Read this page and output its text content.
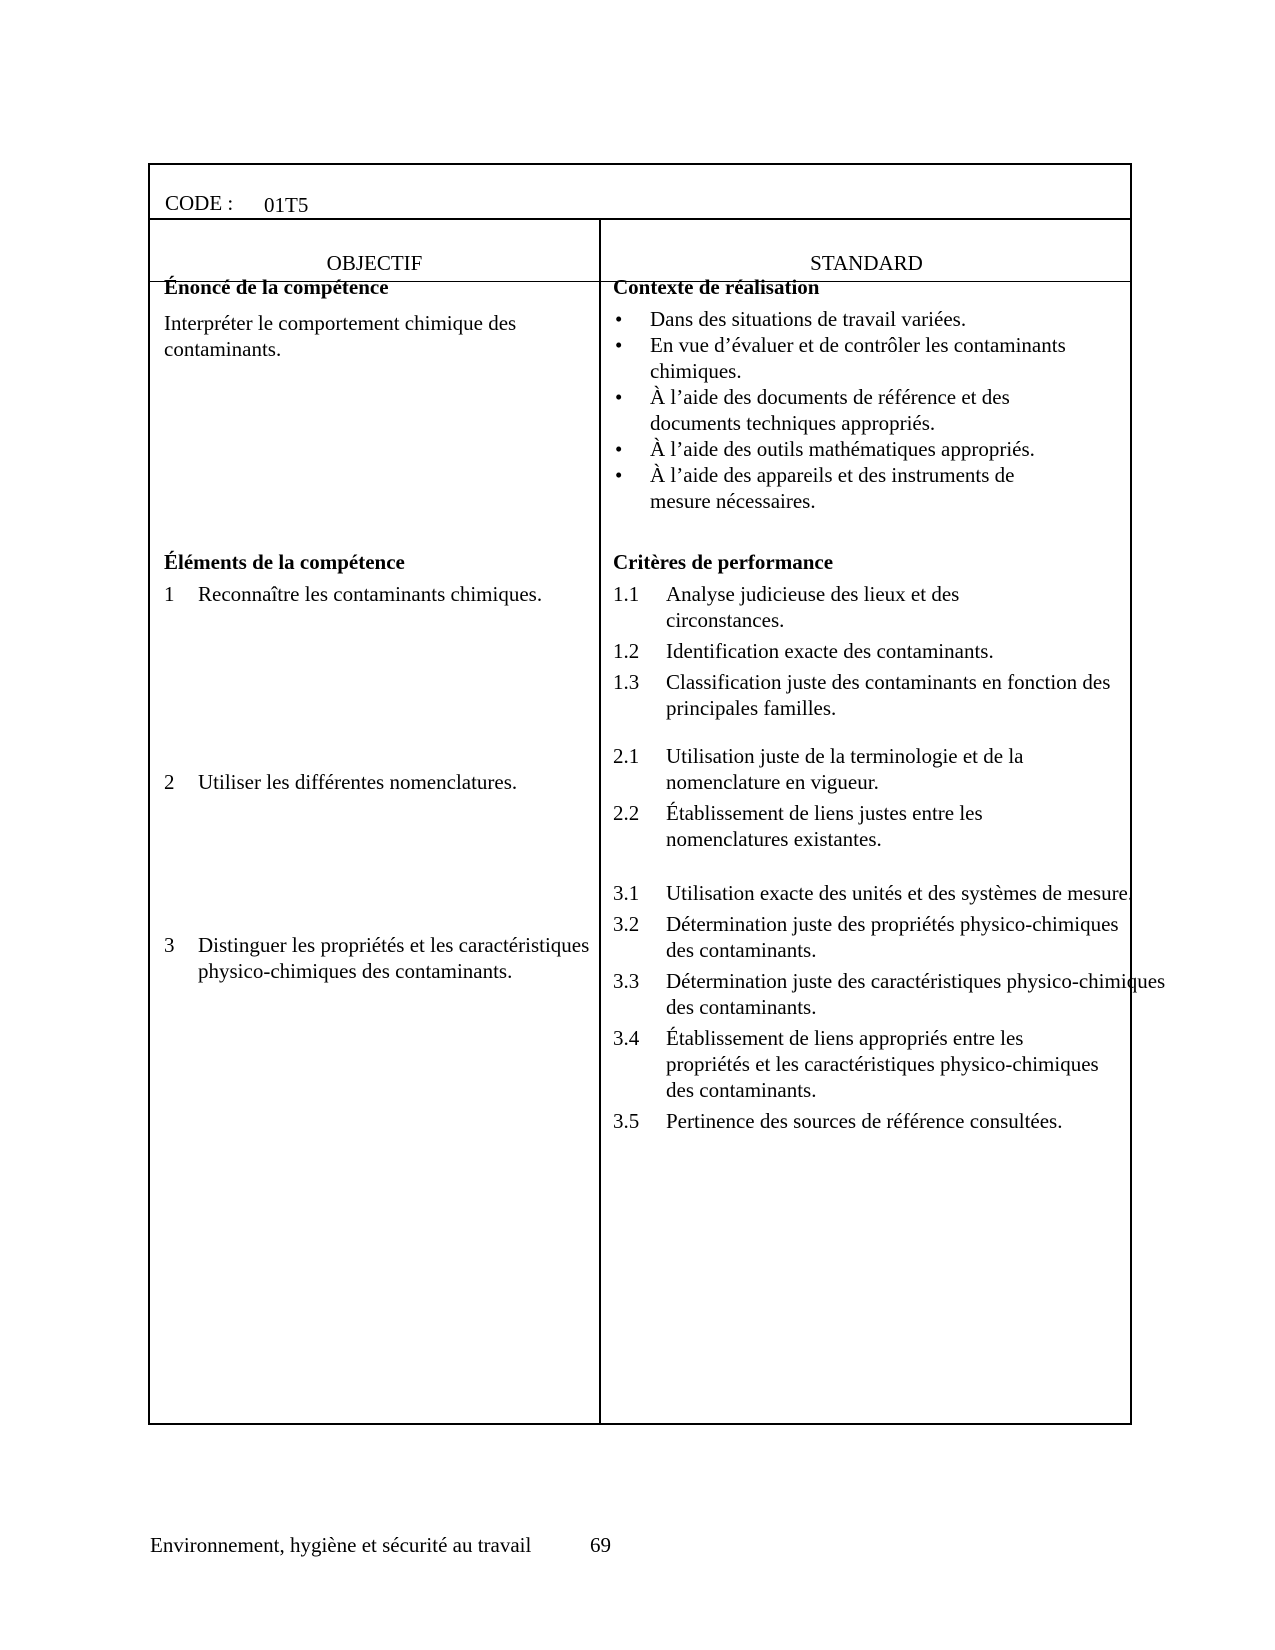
CODE : 01T5
OBJECTIF	STANDARD
Énoncé de la compétence
Interpréter le comportement chimique des contaminants.
Éléments de la compétence
1 Reconnaître les contaminants chimiques.
2 Utiliser les différentes nomenclatures.
3 Distinguer les propriétés et les caractéristiques physico-chimiques des contaminants.
Contexte de réalisation
• Dans des situations de travail variées.
• En vue d’évaluer et de contrôler les contaminants chimiques.
• À l’aide des documents de référence et des documents techniques appropriés.
• À l’aide des outils mathématiques appropriés.
• À l’aide des appareils et des instruments de mesure nécessaires.
Critères de performance
1.1 Analyse judicieuse des lieux et des circonstances.
1.2 Identification exacte des contaminants.
1.3 Classification juste des contaminants en fonction des principales familles.
2.1 Utilisation juste de la terminologie et de la nomenclature en vigueur.
2.2 Établissement de liens justes entre les nomenclatures existantes.
3.1 Utilisation exacte des unités et des systèmes de mesure.
3.2 Détermination juste des propriétés physico-chimiques des contaminants.
3.3 Détermination juste des caractéristiques physico-chimiques des contaminants.
3.4 Établissement de liens appropriés entre les propriétés et les caractéristiques physico-chimiques des contaminants.
3.5 Pertinence des sources de référence consultées.
Environnement, hygiène et sécurité au travail	69
